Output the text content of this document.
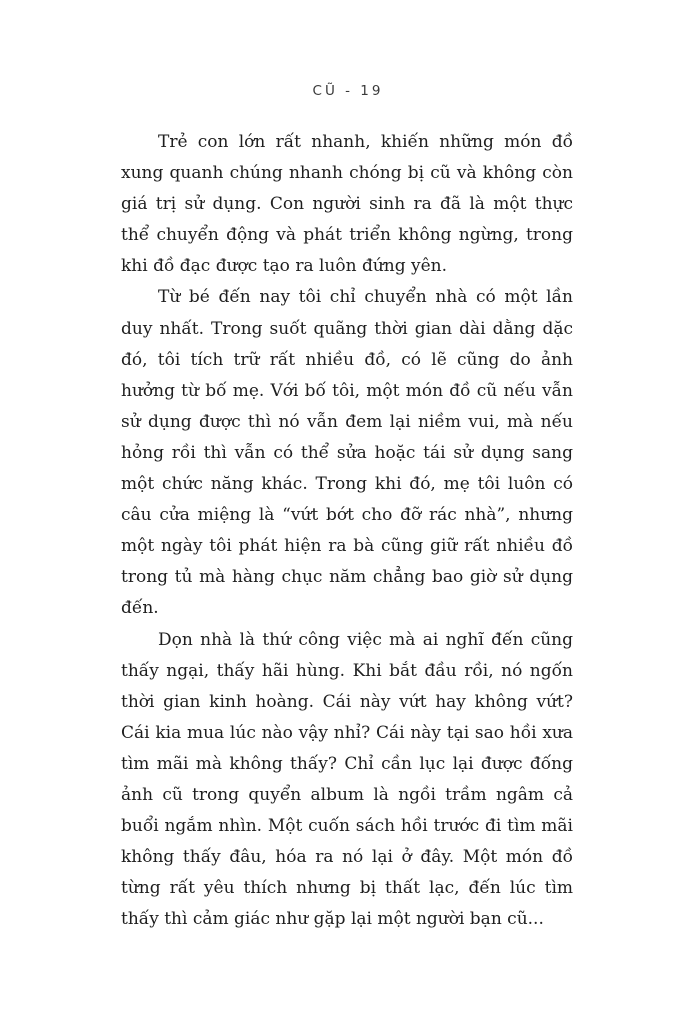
CŨ - 19

Trẻ con lớn rất nhanh, khiến những món đồ xung quanh chúng nhanh chóng bị cũ và không còn giá trị sử dụng. Con người sinh ra đã là một thực thể chuyển động và phát triển không ngừng, trong khi đồ đạc được tạo ra luôn đứng yên.

Từ bé đến nay tôi chỉ chuyển nhà có một lần duy nhất. Trong suốt quãng thời gian dài dằng dặc đó, tôi tích trữ rất nhiều đồ, có lẽ cũng do ảnh hưởng từ bố mẹ. Với bố tôi, một món đồ cũ nếu vẫn sử dụng được thì nó vẫn đem lại niềm vui, mà nếu hỏng rồi thì vẫn có thể sửa hoặc tái sử dụng sang một chức năng khác. Trong khi đó, mẹ tôi luôn có câu cửa miệng là “vứt bớt cho đỡ rác nhà”, nhưng một ngày tôi phát hiện ra bà cũng giữ rất nhiều đồ trong tủ mà hàng chục năm chẳng bao giờ sử dụng đến.

Dọn nhà là thứ công việc mà ai nghĩ đến cũng thấy ngại, thấy hãi hùng. Khi bắt đầu rồi, nó ngốn thời gian kinh hoàng. Cái này vứt hay không vứt? Cái kia mua lúc nào vậy nhỉ? Cái này tại sao hồi xưa tìm mãi mà không thấy? Chỉ cần lục lại được đống ảnh cũ trong quyển album là ngồi trầm ngâm cả buổi ngắm nhìn. Một cuốn sách hồi trước đi tìm mãi không thấy đâu, hóa ra nó lại ở đây. Một món đồ từng rất yêu thích nhưng bị thất lạc, đến lúc tìm thấy thì cảm giác như gặp lại một người bạn cũ...
